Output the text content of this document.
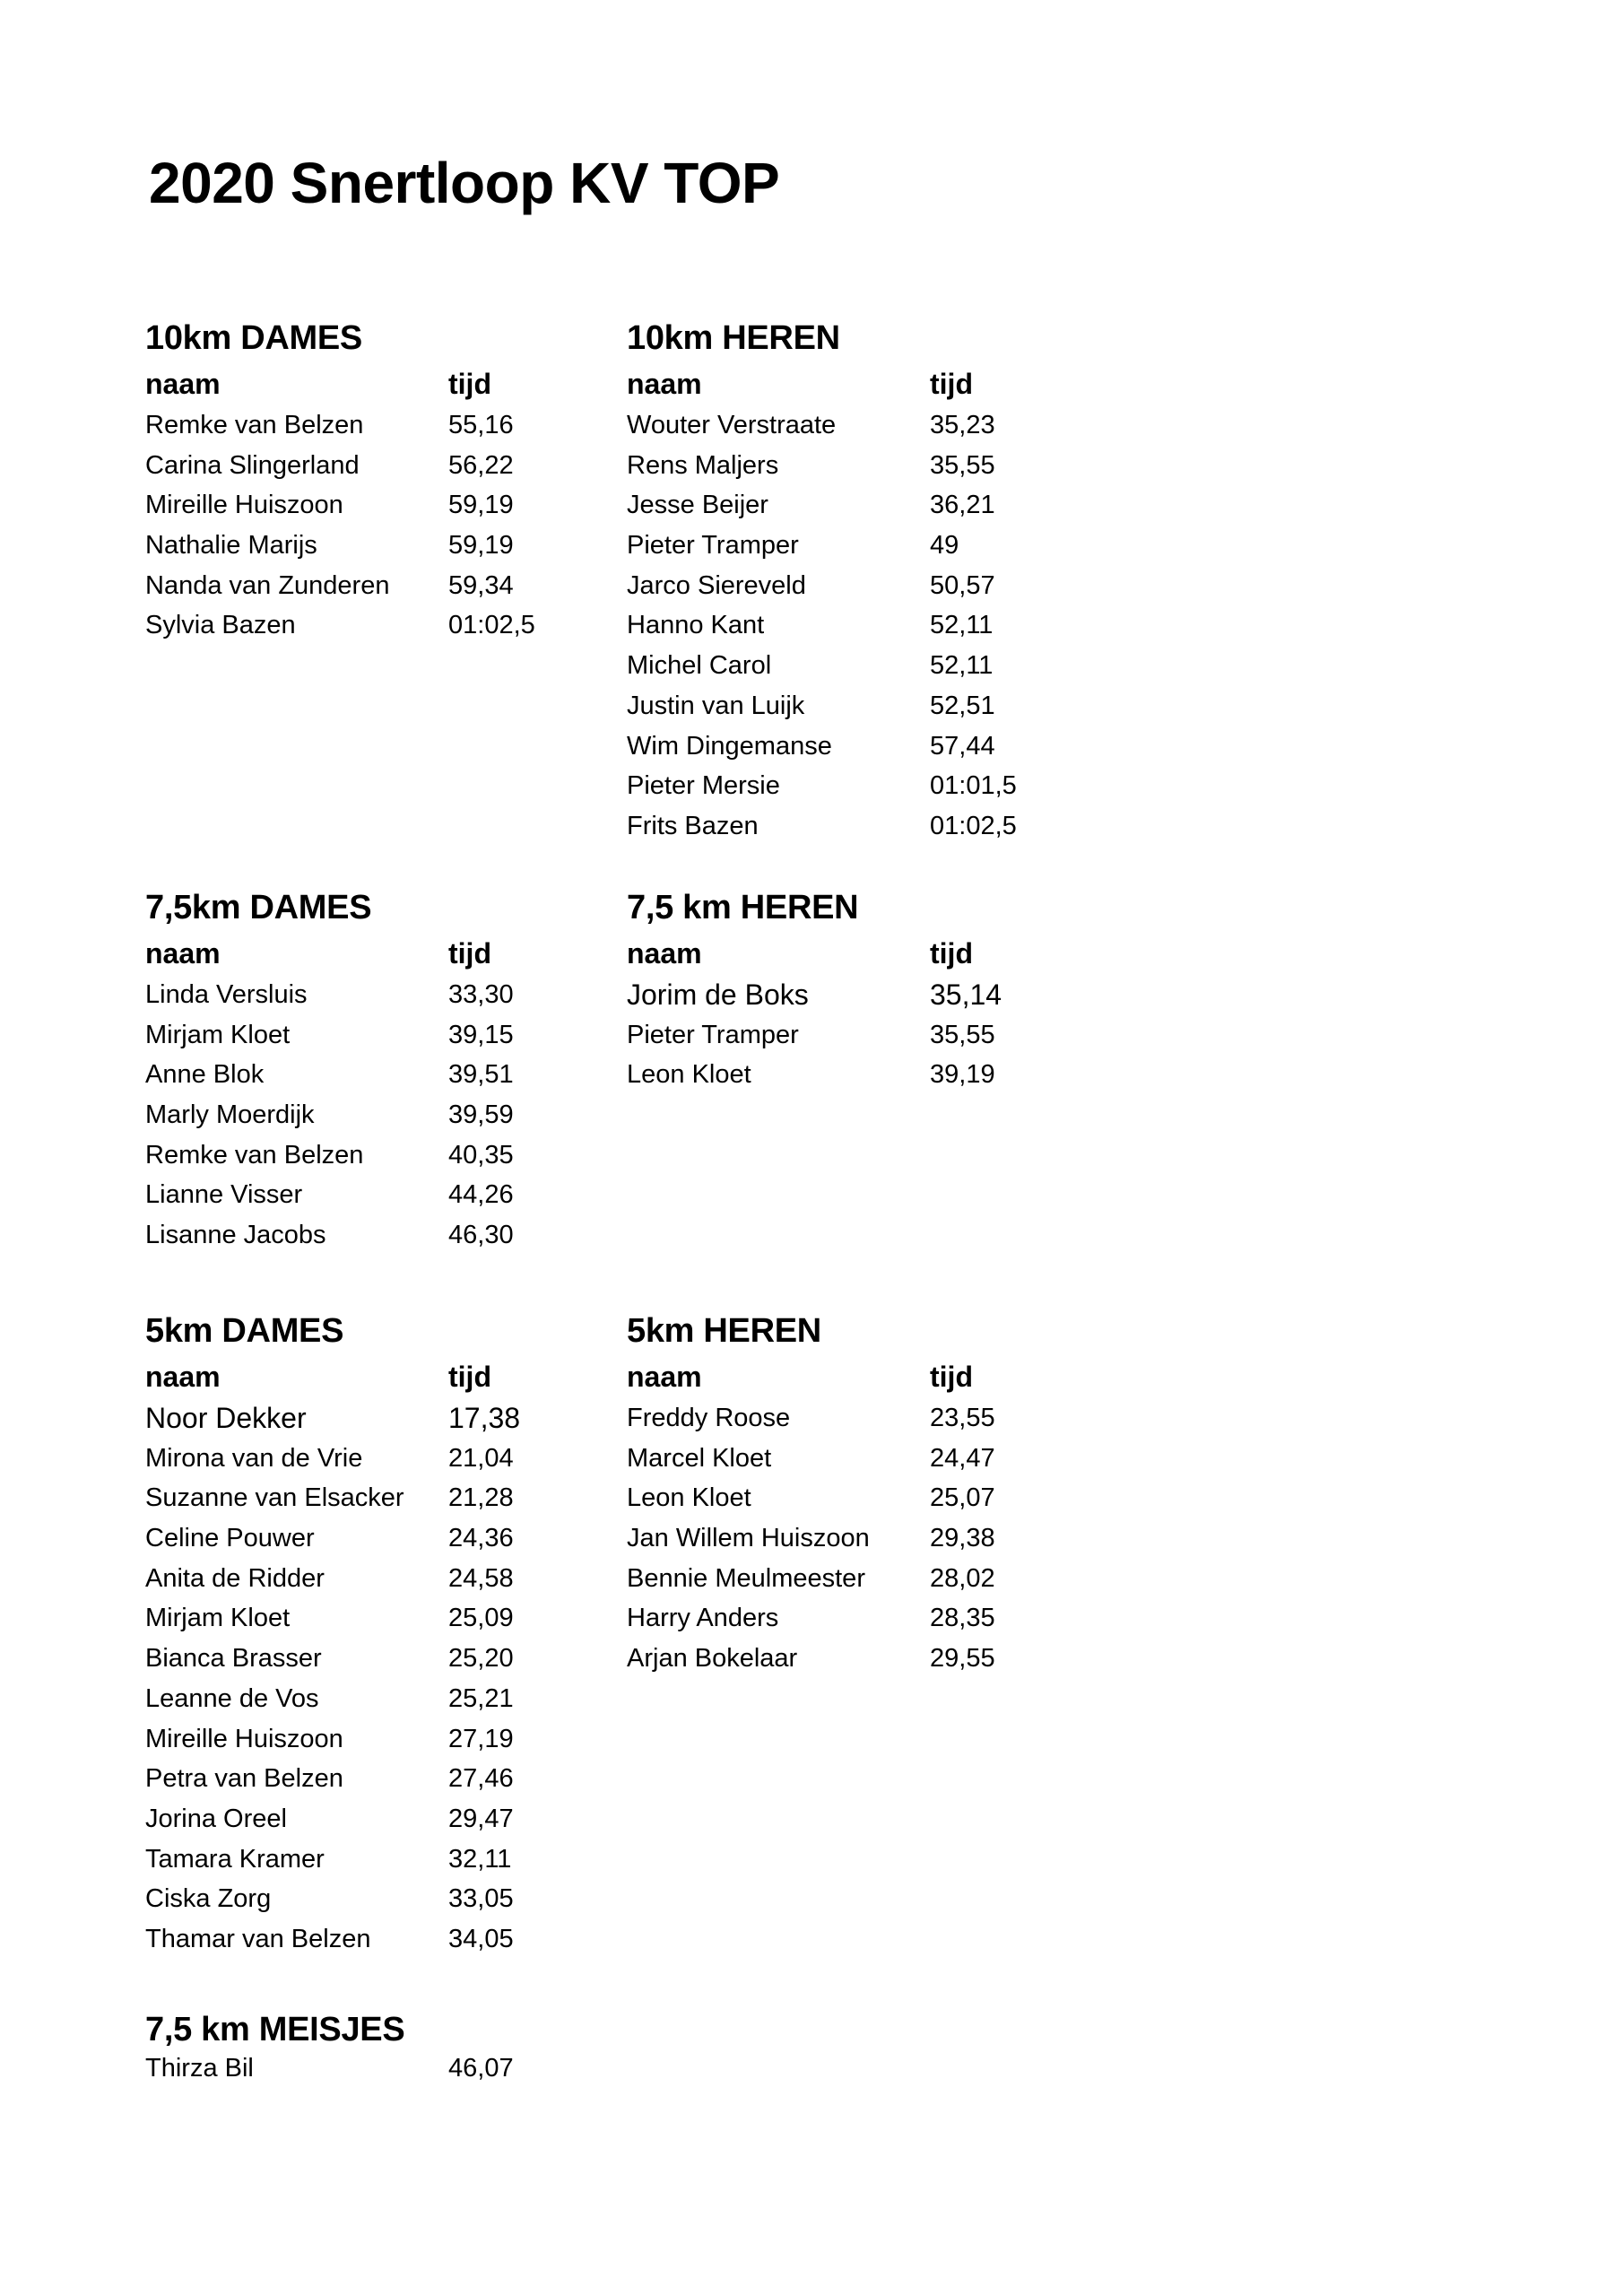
2020 Snertloop KV TOP
10km DAMES
naam	tijd
Remke van Belzen	55,16
Carina Slingerland	56,22
Mireille Huiszoon	59,19
Nathalie Marijs	59,19
Nanda van Zunderen 59,34
Sylvia Bazen	01:02,5
10km HEREN
naam	tijd
Wouter Verstraate	35,23
Rens Maljers	35,55
Jesse Beijer	36,21
Pieter Tramper	49
Jarco Siereveld	50,57
Hanno Kant	52,11
Michel Carol	52,11
Justin van Luijk	52,51
Wim Dingemanse	57,44
Pieter Mersie	01:01,5
Frits Bazen	01:02,5
7,5km DAMES
naam	tijd
Linda Versluis	33,30
Mirjam Kloet	39,15
Anne Blok	39,51
Marly Moerdijk	39,59
Remke van Belzen	40,35
Lianne Visser	44,26
Lisanne Jacobs	46,30
7,5 km HEREN
naam	tijd
Jorim de Boks	35,14
Pieter Tramper	35,55
Leon Kloet	39,19
5km DAMES
naam	tijd
Noor Dekker	17,38
Mirona van de Vrie	21,04
Suzanne van Elsacker 21,28
Celine Pouwer	24,36
Anita de Ridder	24,58
Mirjam Kloet	25,09
Bianca Brasser	25,20
Leanne de Vos	25,21
Mireille Huiszoon	27,19
Petra van Belzen	27,46
Jorina Oreel	29,47
Tamara Kramer	32,11
Ciska Zorg	33,05
Thamar van Belzen	34,05
5km HEREN
naam	tijd
Freddy Roose	23,55
Marcel Kloet	24,47
Leon Kloet	25,07
Jan Willem Huiszoon 29,38
Bennie Meulmeester 28,02
Harry Anders	28,35
Arjan Bokelaar	29,55
7,5 km MEISJES
Thirza Bil	46,07
